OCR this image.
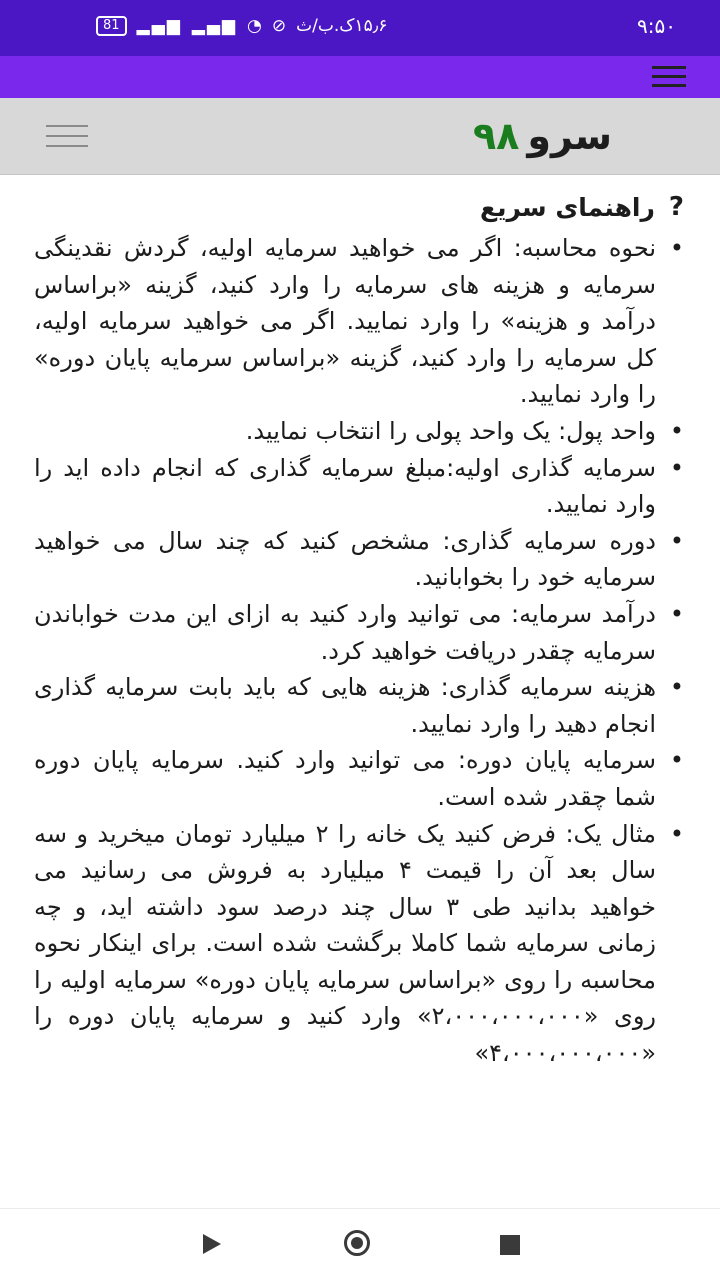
81	▂▄▆ ▂▄▆ ◔ ⊘ ۱۵٫۶ک.ب/ث	۹:۵۰
سرو۹۸
?
راهنمای سریع
• نحوه محاسبه: اگر می خواهید سرمایه اولیه، گردش نقدینگی سرمایه و هزینه های سرمایه را وارد کنید، گزینه «براساس درآمد و هزینه» را وارد نمایید. اگر می خواهید سرمایه اولیه، کل سرمایه را وارد کنید، گزینه «براساس سرمایه پایان دوره» را وارد نمایید.
• واحد پول: یک واحد پولی را انتخاب نمایید.
• سرمایه گذاری اولیه:مبلغ سرمایه گذاری که انجام داده اید را وارد نمایید.
• دوره سرمایه گذاری: مشخص کنید که چند سال می خواهید سرمایه خود را بخوابانید.
• درآمد سرمایه: می توانید وارد کنید به ازای این مدت خواباندن سرمایه چقدر دریافت خواهید کرد.
• هزینه سرمایه گذاری: هزینه هایی که باید بابت سرمایه گذاری انجام دهید را وارد نمایید.
• سرمایه پایان دوره: می توانید وارد کنید. سرمایه پایان دوره شما چقدر شده است.
• مثال یک: فرض کنید یک خانه را ۲ میلیارد تومان میخرید و سه سال بعد آن را قیمت ۴ میلیارد به فروش می رسانید می خواهید بدانید طی ۳ سال چند درصد سود داشته اید، و چه زمانی سرمایه شما کاملا برگشت شده است. برای اینکار نحوه محاسبه را روی «براساس سرمایه پایان دوره» سرمایه اولیه را روی «۲،۰۰۰،۰۰۰،۰۰۰» وارد کنید و سرمایه پایان دوره را «۴،۰۰۰،۰۰۰،۰۰۰»
